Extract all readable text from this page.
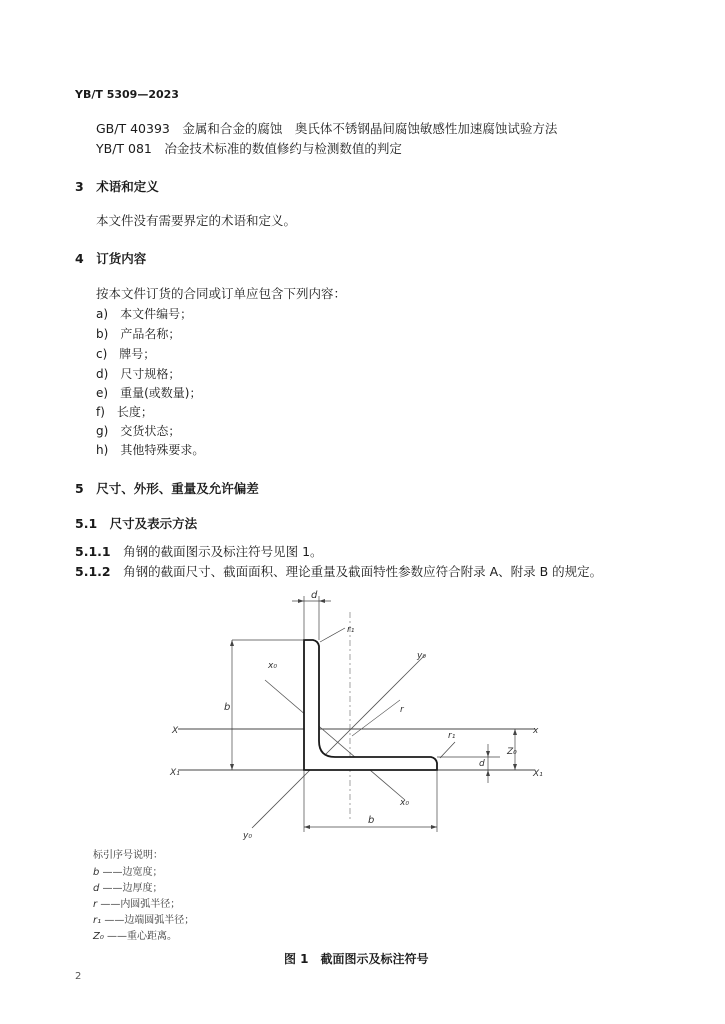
YB/T 5309—2023
GB/T 40393　 金属和合金的腐蚀　奥氏体不锈钢晶间腐蚀敏感性加速腐蚀试验方法
YB/T 081　 冶金技术标准的数值修约与检测数值的判定
3　 术语和定义
本文件没有需要界定的术语和定义。
4　 订货内容
按本文件订货的合同或订单应包含下列内容：
a)　 本文件编号；
b)　 产品名称；
c)　 牌号；
d)　 尺寸规格；
e)　 重量(或数量)；
f)　 长度；
g)　 交货状态；
h)　 其他特殊要求。
5　 尺寸、外形、重量及允许偏差
5.1　 尺寸及表示方法
5.1.1　 角钢的截面图示及标注符号见图 1。
5.1.2　 角钢的截面尺寸、截面面积、理论重量及截面特性参数应符合附录 A、附录 B 的规定。
d
r₁
y₀
x₀
b	r
X	x
X₁
r₁
Z₀
d
X₁
x₀
y₀
b
标引序号说明：
b ——边宽度；
d ——边厚度；
r ——内圆弧半径；
r₁ ——边端圆弧半径；
Z₀ ——重心距离。
图 1　截面图示及标注符号
2
